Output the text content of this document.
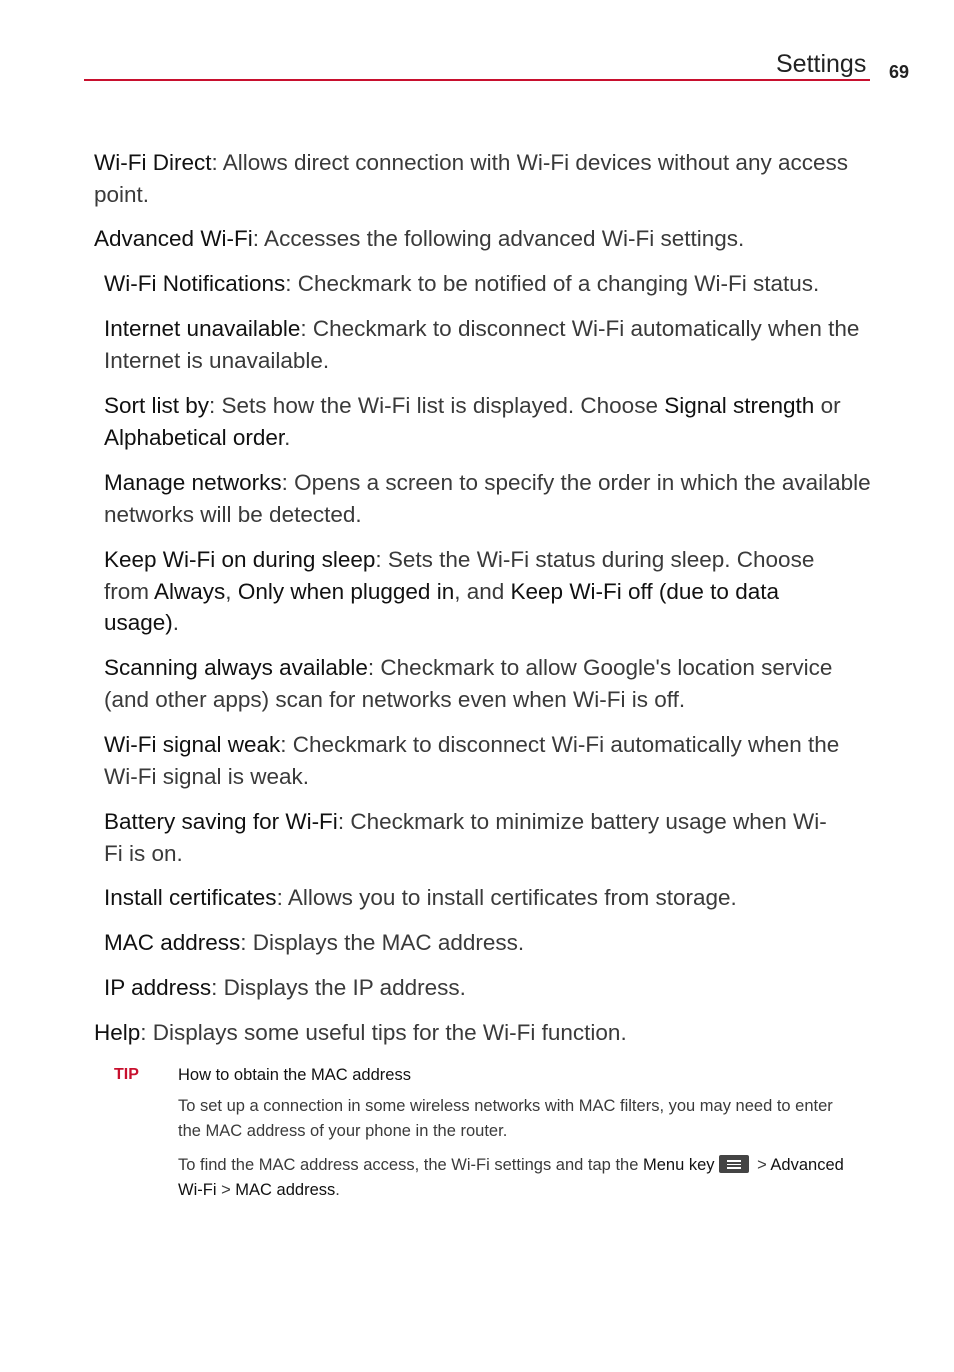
Settings 69
Wi-Fi Direct: Allows direct connection with Wi-Fi devices without any access point.
Advanced Wi-Fi: Accesses the following advanced Wi-Fi settings.
Wi-Fi Notifications: Checkmark to be notified of a changing Wi-Fi status.
Internet unavailable: Checkmark to disconnect Wi-Fi automatically when the Internet is unavailable.
Sort list by: Sets how the Wi-Fi list is displayed. Choose Signal strength or Alphabetical order.
Manage networks: Opens a screen to specify the order in which the available networks will be detected.
Keep Wi-Fi on during sleep: Sets the Wi-Fi status during sleep. Choose from Always, Only when plugged in, and Keep Wi-Fi off (due to data usage).
Scanning always available: Checkmark to allow Google's location service (and other apps) scan for networks even when Wi-Fi is off.
Wi-Fi signal weak: Checkmark to disconnect Wi-Fi automatically when the Wi-Fi signal is weak.
Battery saving for Wi-Fi: Checkmark to minimize battery usage when Wi-Fi is on.
Install certificates: Allows you to install certificates from storage.
MAC address: Displays the MAC address.
IP address: Displays the IP address.
Help: Displays some useful tips for the Wi-Fi function.
TIP How to obtain the MAC address
To set up a connection in some wireless networks with MAC filters, you may need to enter the MAC address of your phone in the router.
To find the MAC address access, the Wi-Fi settings and tap the Menu key
> Advanced Wi-Fi > MAC address.
